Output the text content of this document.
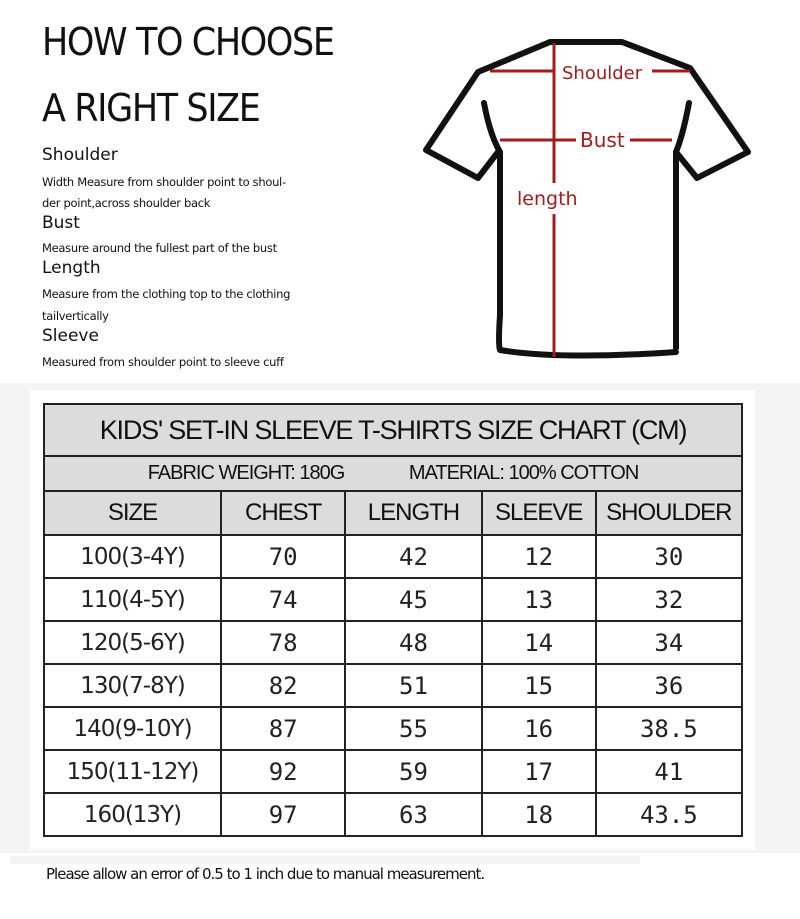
HOW TO CHOOSE
A RIGHT SIZE
Shoulder
Width Measure from shoulder point to shoul-
der point,across shoulder back
Bust
Measure around the fullest part of the bust
Length
Measure from the clothing top to the clothing
tailvertically
Sleeve
Measured from shoulder point to sleeve cuff
Shoulder
Bust
length
KIDS' SET-IN SLEEVE T-SHIRTS SIZE CHART (CM)				
FABRIC WEIGHT: 180G MATERIAL: 100% COTTON				
SIZE	CHEST	LENGTH	SLEEVE	SHOULDER
100(3-4Y)	70	42	12	30
110(4-5Y)	74	45	13	32
120(5-6Y)	78	48	14	34
130(7-8Y)	82	51	15	36
140(9-10Y)	87	55	16	38.5
150(11-12Y)	92	59	17	41
160(13Y)	97	63	18	43.5
Please allow an error of 0.5 to 1 inch due to manual measurement.
